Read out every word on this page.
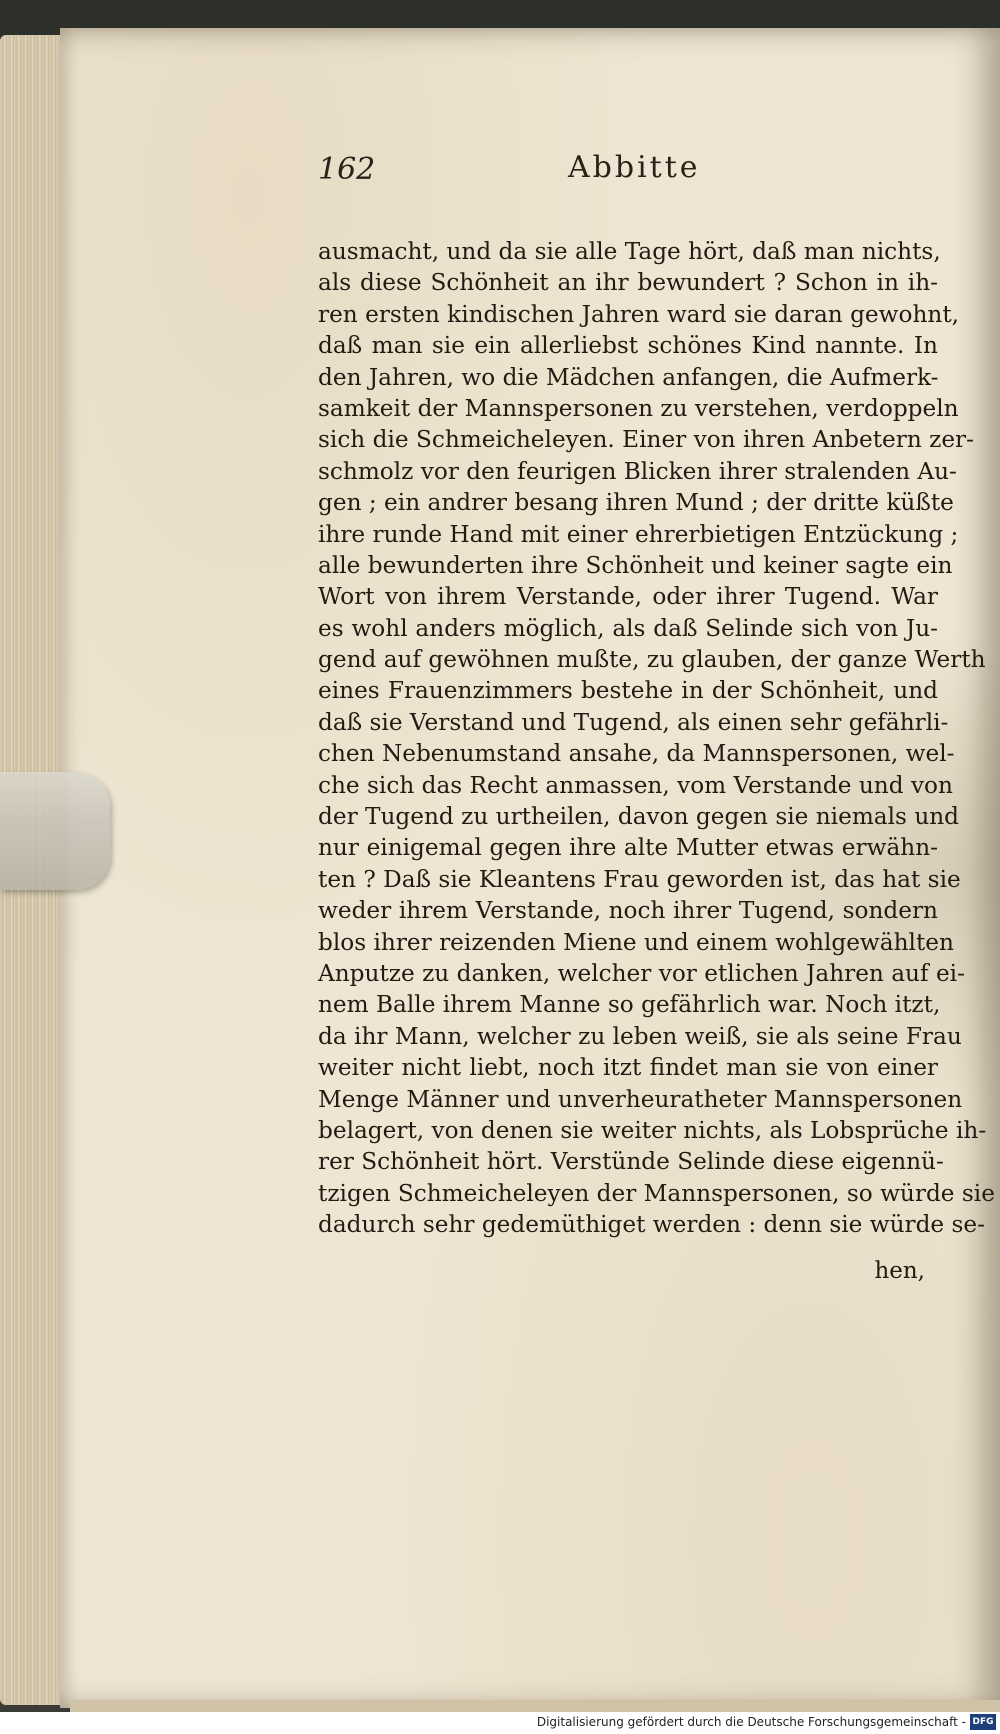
162	Abbitte
ausmacht, und da sie alle Tage hört, daß man nichts,
als diese Schönheit an ihr bewundert ? Schon in ih-
ren ersten kindischen Jahren ward sie daran gewohnt,
daß man sie ein allerliebst schönes Kind nannte. In
den Jahren, wo die Mädchen anfangen, die Aufmerk-
samkeit der Mannspersonen zu verstehen, verdoppeln
sich die Schmeicheleyen. Einer von ihren Anbetern zer-
schmolz vor den feurigen Blicken ihrer stralenden Au-
gen ; ein andrer besang ihren Mund ; der dritte küßte
ihre runde Hand mit einer ehrerbietigen Entzückung ;
alle bewunderten ihre Schönheit und keiner sagte ein
Wort von ihrem Verstande, oder ihrer Tugend. War
es wohl anders möglich, als daß Selinde sich von Ju-
gend auf gewöhnen mußte, zu glauben, der ganze Werth
eines Frauenzimmers bestehe in der Schönheit, und
daß sie Verstand und Tugend, als einen sehr gefährli-
chen Nebenumstand ansahe, da Mannspersonen, wel-
che sich das Recht anmassen, vom Verstande und von
der Tugend zu urtheilen, davon gegen sie niemals und
nur einigemal gegen ihre alte Mutter etwas erwähn-
ten ? Daß sie Kleantens Frau geworden ist, das hat sie
weder ihrem Verstande, noch ihrer Tugend, sondern
blos ihrer reizenden Miene und einem wohlgewählten
Anputze zu danken, welcher vor etlichen Jahren auf ei-
nem Balle ihrem Manne so gefährlich war. Noch itzt,
da ihr Mann, welcher zu leben weiß, sie als seine Frau
weiter nicht liebt, noch itzt findet man sie von einer
Menge Männer und unverheuratheter Mannspersonen
belagert, von denen sie weiter nichts, als Lobsprüche ih-
rer Schönheit hört. Verstünde Selinde diese eigennü-
tzigen Schmeicheleyen der Mannspersonen, so würde sie
dadurch sehr gedemüthiget werden : denn sie würde se-
hen,
Digitalisierung gefördert durch die Deutsche Forschungsgemeinschaft - DFG
